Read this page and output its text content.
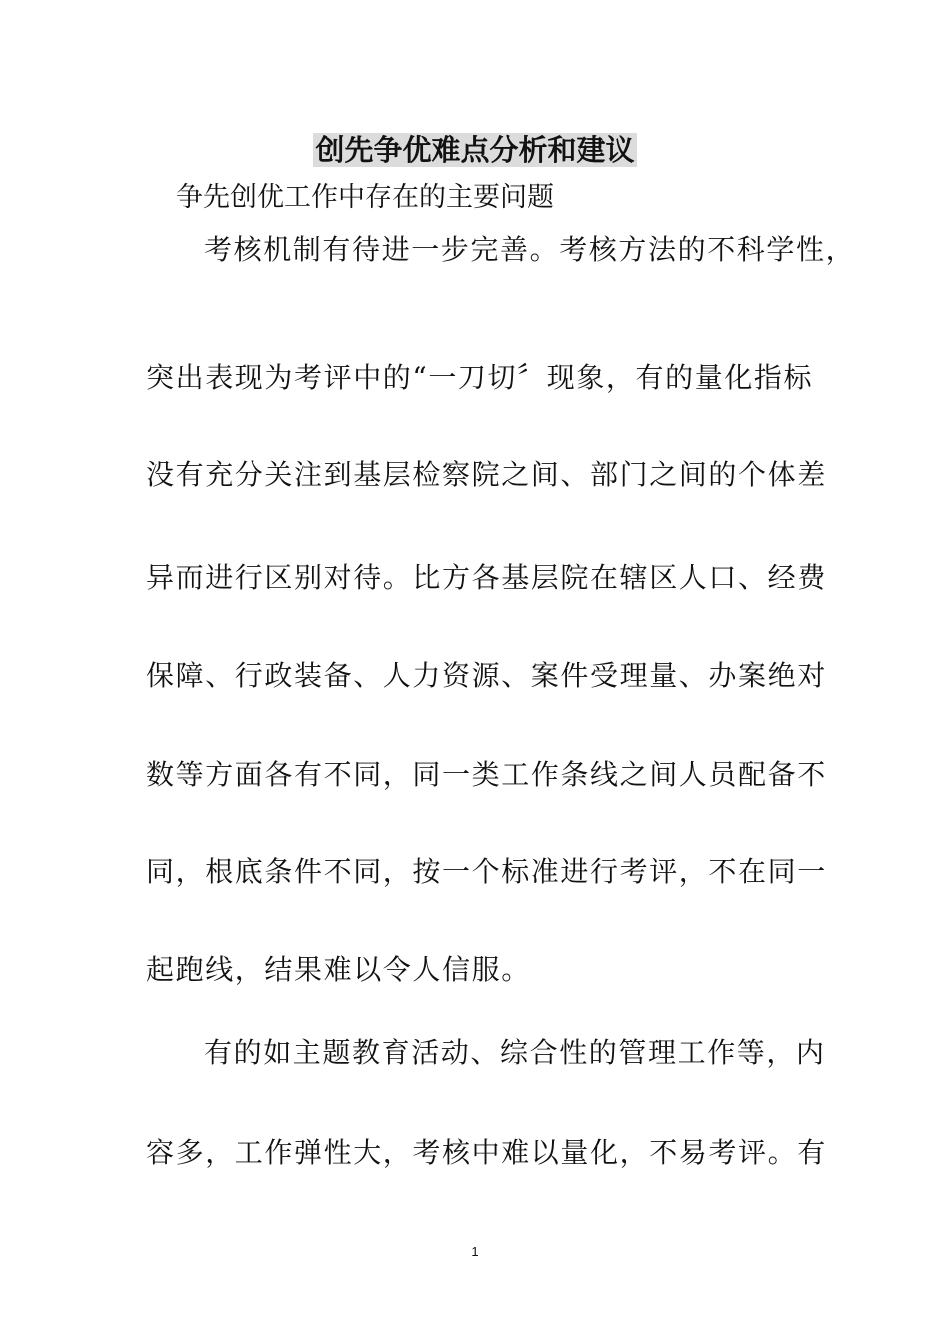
创先争优难点分析和建议
争先创优工作中存在的主要问题
考核机制有待进一步完善。考核方法的不科学性，
突出表现为考评中的“一刀切〞现象，有的量化指标
没有充分关注到基层检察院之间、部门之间的个体差
异而进行区别对待。比方各基层院在辖区人口、经费
保障、行政装备、人力资源、案件受理量、办案绝对
数等方面各有不同，同一类工作条线之间人员配备不
同，根底条件不同，按一个标准进行考评，不在同一
起跑线，结果难以令人信服。
有的如主题教育活动、综合性的管理工作等，内
容多，工作弹性大，考核中难以量化，不易考评。有
1
